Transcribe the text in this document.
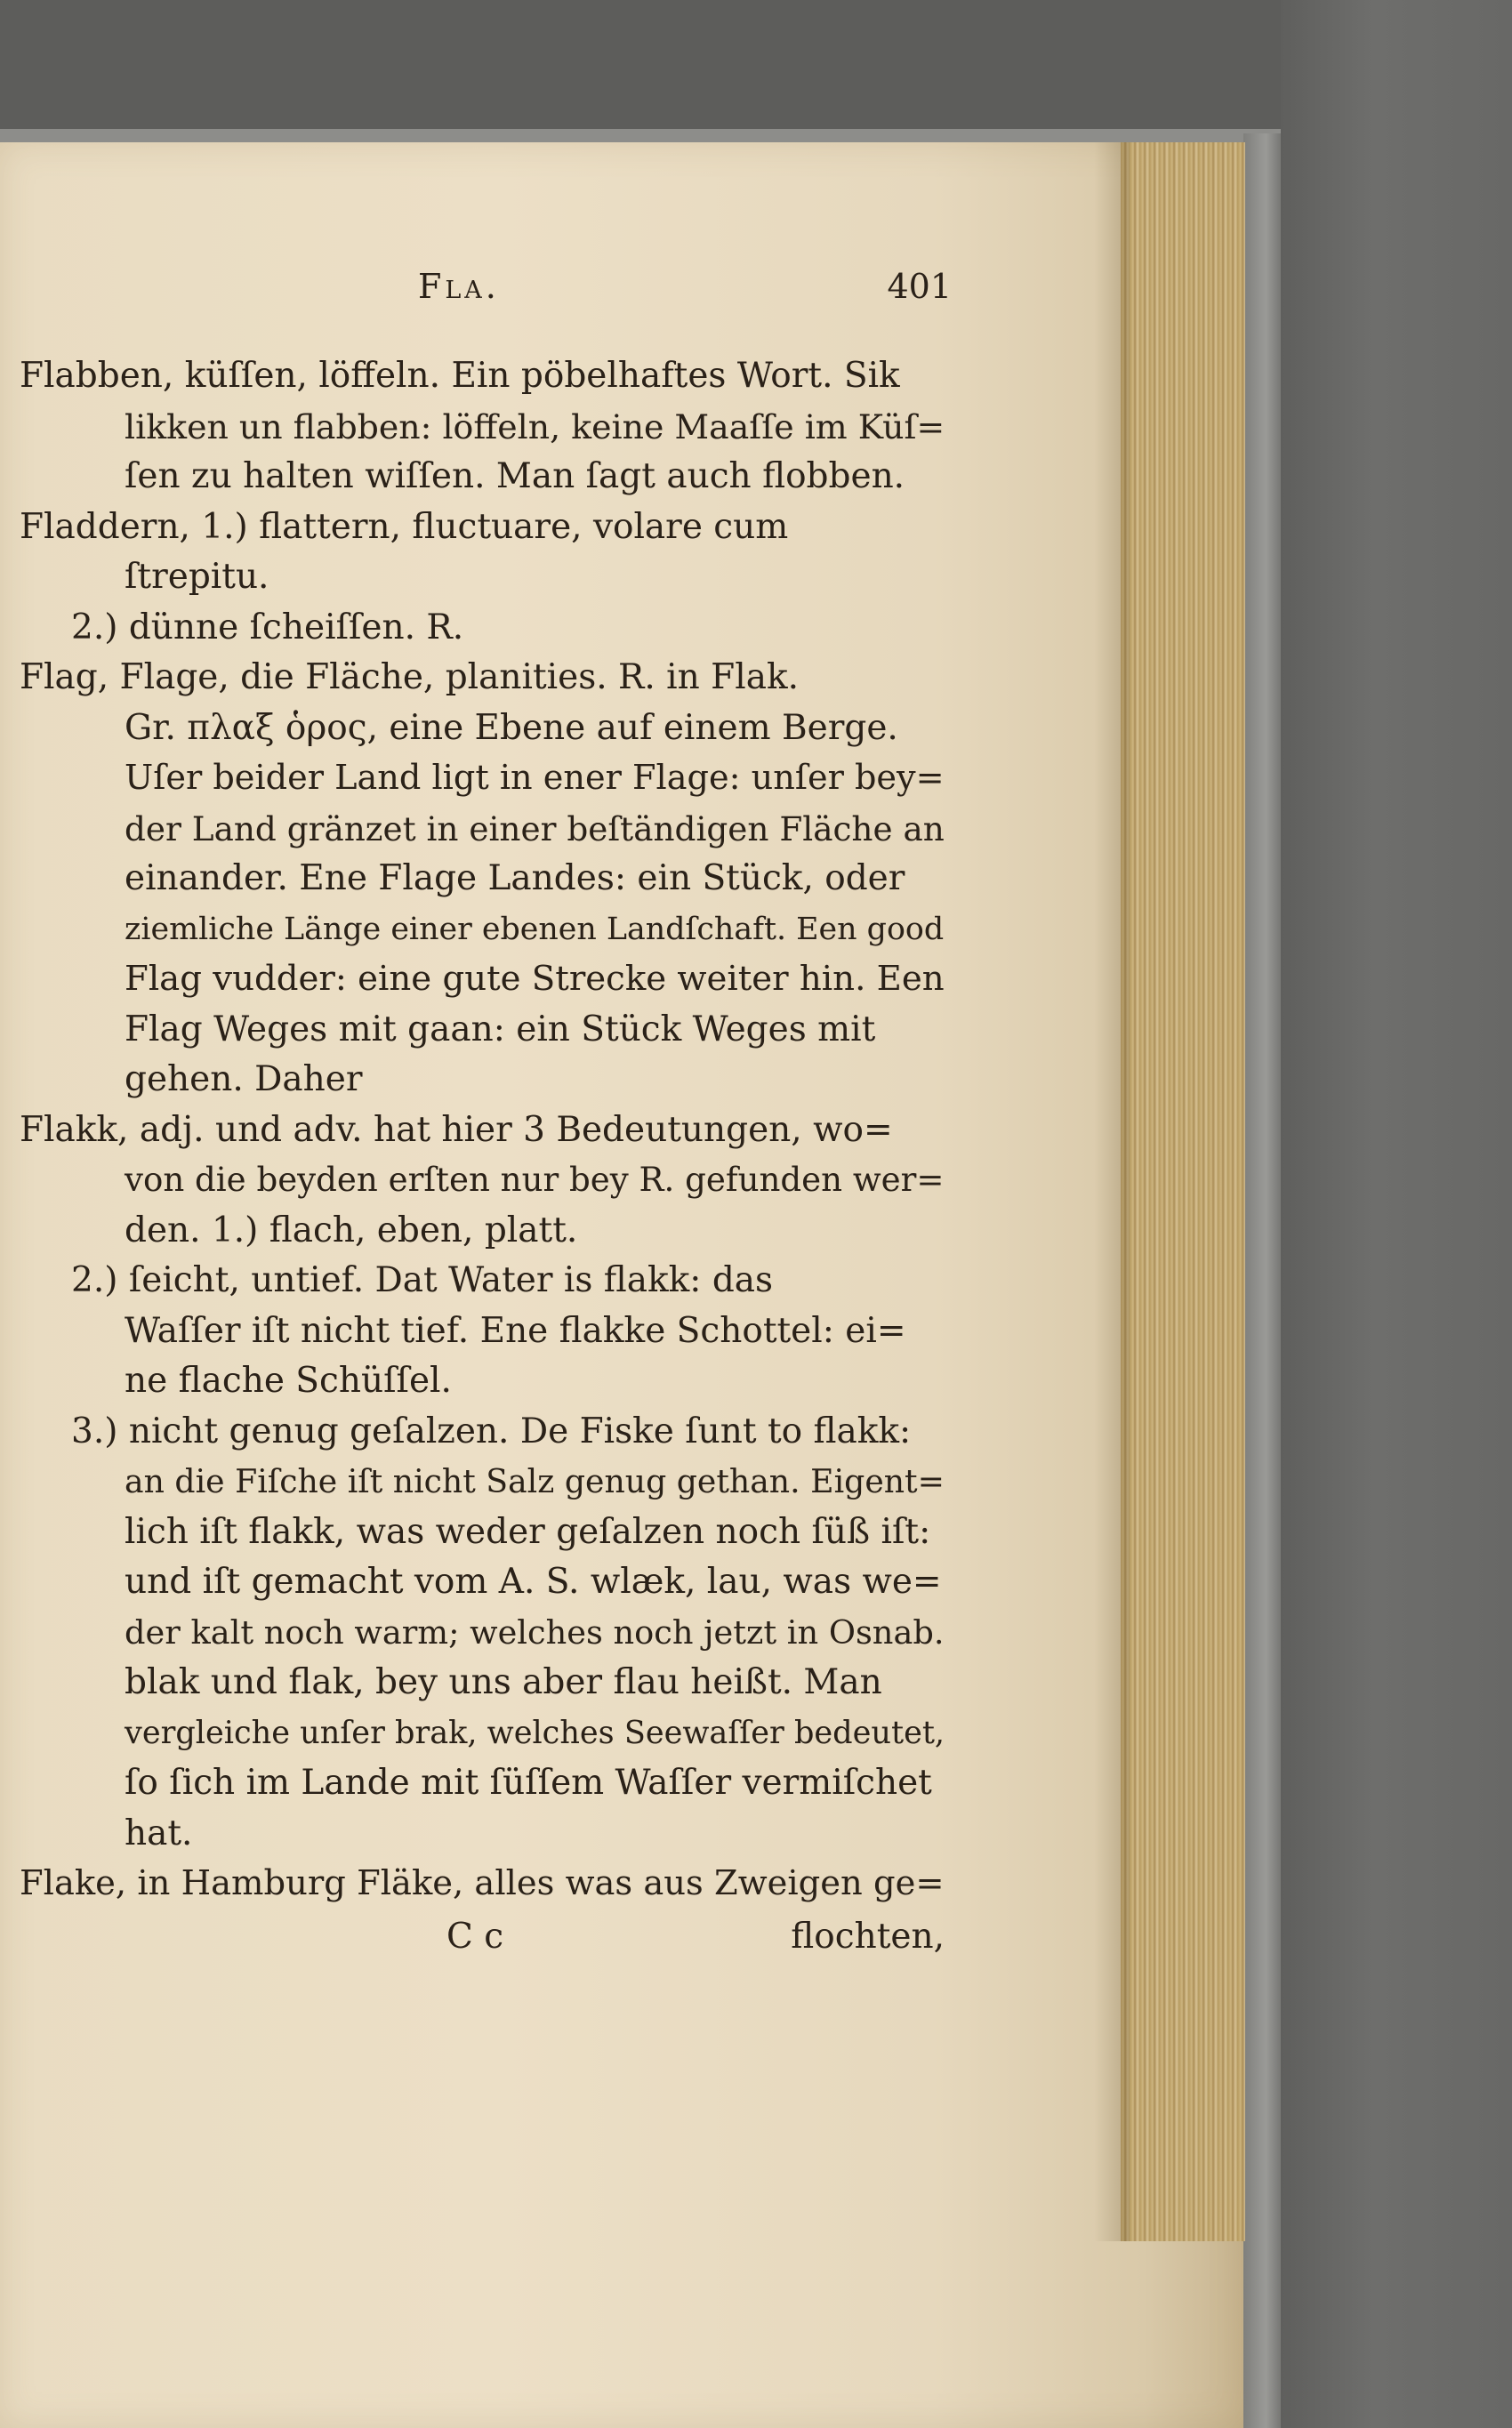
Fla.	401
Flabben, küſſen, löffeln. Ein pöbelhaftes Wort. Sik
likken un flabben: löffeln, keine Maaſſe im Küſ=
ſen zu halten wiſſen. Man ſagt auch flobben.
Fladdern, 1.) flattern, fluctuare, volare cum
ſtrepitu.
2.) dünne ſcheiſſen. R.
Flag, Flage, die Fläche, planities. R. in Flak.
Gr. πλαξ ὁρος, eine Ebene auf einem Berge.
Uſer beider Land ligt in ener Flage: unſer bey=
der Land gränzet in einer beſtändigen Fläche an
einander. Ene Flage Landes: ein Stück, oder
ziemliche Länge einer ebenen Landſchaft. Een good
Flag vudder: eine gute Strecke weiter hin. Een
Flag Weges mit gaan: ein Stück Weges mit
gehen. Daher
Flakk, adj. und adv. hat hier 3 Bedeutungen, wo=
von die beyden erſten nur bey R. gefunden wer=
den. 1.) flach, eben, platt.
2.) ſeicht, untief. Dat Water is flakk: das
Waſſer iſt nicht tief. Ene flakke Schottel: ei=
ne flache Schüſſel.
3.) nicht genug geſalzen. De Fiske ſunt to flakk:
an die Fiſche iſt nicht Salz genug gethan. Eigent=
lich iſt flakk, was weder geſalzen noch ſüß iſt:
und iſt gemacht vom A. S. wlæk, lau, was we=
der kalt noch warm; welches noch jetzt in Osnab.
blak und flak, bey uns aber flau heißt. Man
vergleiche unſer brak, welches Seewaſſer bedeutet,
ſo ſich im Lande mit ſüſſem Waſſer vermiſchet
hat.
Flake, in Hamburg Fläke, alles was aus Zweigen ge=
C c	flochten,
